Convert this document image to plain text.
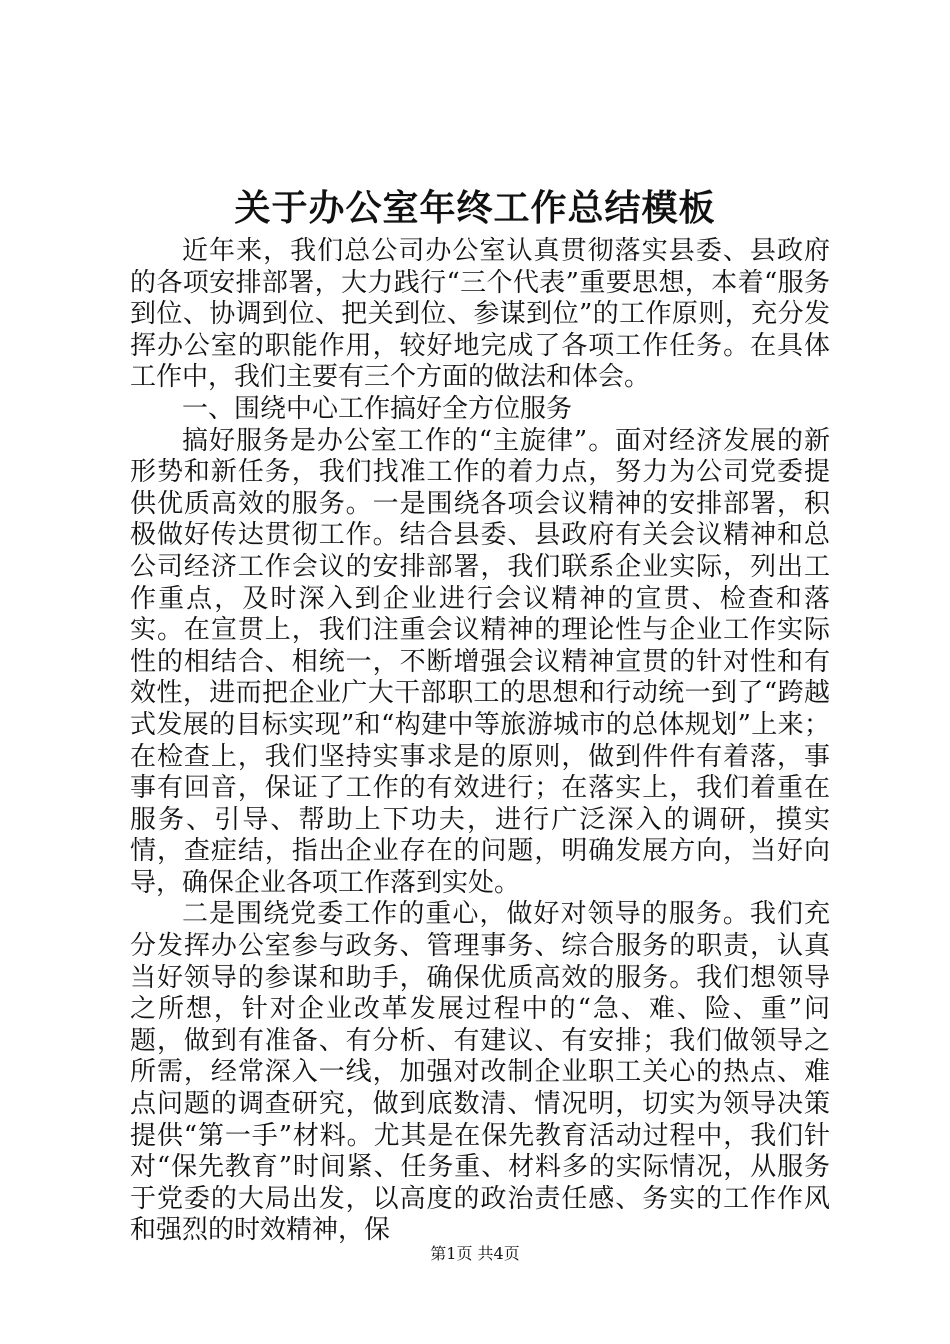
关于办公室年终工作总结模板

近年来，我们总公司办公室认真贯彻落实县委、县政府的各项安排部署，大力践行“三个代表”重要思想，本着“服务到位、协调到位、把关到位、参谋到位”的工作原则，充分发挥办公室的职能作用，较好地完成了各项工作任务。在具体工作中，我们主要有三个方面的做法和体会。

一、围绕中心工作搞好全方位服务

搞好服务是办公室工作的“主旋律”。面对经济发展的新形势和新任务，我们找准工作的着力点，努力为公司党委提供优质高效的服务。一是围绕各项会议精神的安排部署，积极做好传达贯彻工作。结合县委、县政府有关会议精神和总公司经济工作会议的安排部署，我们联系企业实际，列出工作重点，及时深入到企业进行会议精神的宣贯、检查和落实。在宣贯上，我们注重会议精神的理论性与企业工作实际性的相结合、相统一，不断增强会议精神宣贯的针对性和有效性，进而把企业广大干部职工的思想和行动统一到了“跨越式发展的目标实现”和“构建中等旅游城市的总体规划”上来；在检查上，我们坚持实事求是的原则，做到件件有着落，事事有回音，保证了工作的有效进行；在落实上，我们着重在服务、引导、帮助上下功夫，进行广泛深入的调研，摸实情，查症结，指出企业存在的问题，明确发展方向，当好向导，确保企业各项工作落到实处。

二是围绕党委工作的重心，做好对领导的服务。我们充分发挥办公室参与政务、管理事务、综合服务的职责，认真当好领导的参谋和助手，确保优质高效的服务。我们想领导之所想，针对企业改革发展过程中的“急、难、险、重”问题，做到有准备、有分析、有建议、有安排；我们做领导之所需，经常深入一线，加强对改制企业职工关心的热点、难点问题的调查研究，做到底数清、情况明，切实为领导决策提供“第一手”材料。尤其是在保先教育活动过程中，我们针对“保先教育”时间紧、任务重、材料多的实际情况，从服务于党委的大局出发，以高度的政治责任感、务实的工作作风和强烈的时效精神，保

第1页 共4页
